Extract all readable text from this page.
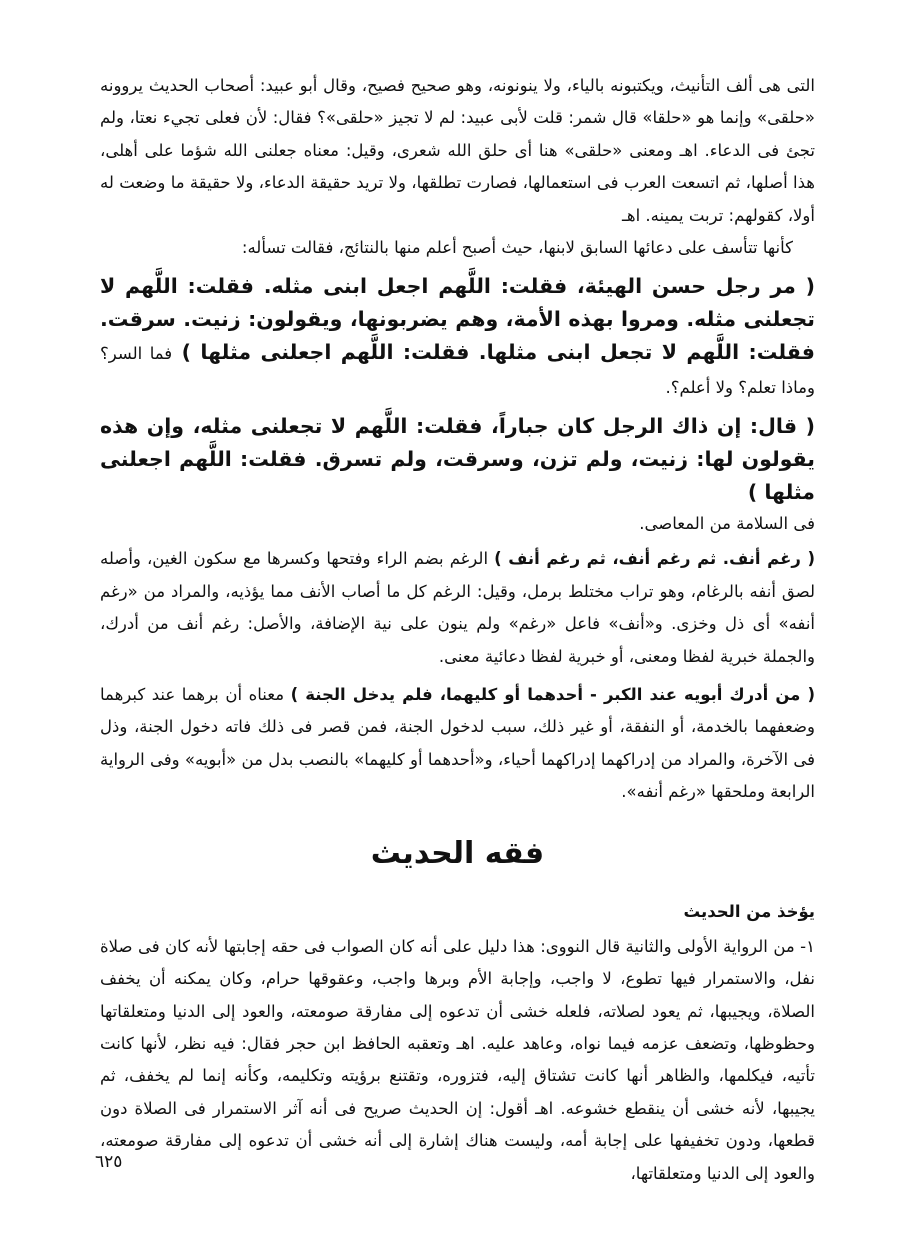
التى هى ألف التأنيث، ويكتبونه بالياء، ولا ينونونه، وهو صحيح فصيح، وقال أبو عبيد: أصحاب الحديث يروونه «حلقى» وإنما هو «حلقا» قال شمر: قلت لأبى عبيد: لم لا تجيز «حلقى»؟ فقال: لأن فعلى تجيء نعتا، ولم تجئ فى الدعاء. اهـ ومعنى «حلقى» هنا أى حلق الله شعرى، وقيل: معناه جعلنى الله شؤما على أهلى، هذا أصلها، ثم اتسعت العرب فى استعمالها، فصارت تطلقها، ولا تريد حقيقة الدعاء، ولا حقيقة ما وضعت له أولا، كقولهم: تربت يمينه. اهـ

كأنها تتأسف على دعائها السابق لابنها، حيث أصبح أعلم منها بالنتائج، فقالت تسأله:

( مر رجل حسن الهيئة، فقلت: اللَّهم اجعل ابنى مثله. فقلت: اللَّهم لا تجعلنى مثله. ومروا بهذه الأمة، وهم يضربونها، ويقولون: زنيت. سرقت. فقلت: اللَّهم لا تجعل ابنى مثلها. فقلت: اللَّهم اجعلنى مثلها ) فما السر؟ وماذا تعلم؟ ولا أعلم؟.

( قال: إن ذاك الرجل كان جباراً، فقلت: اللَّهم لا تجعلنى مثله، وإن هذه يقولون لها: زنيت، ولم تزن، وسرقت، ولم تسرق. فقلت: اللَّهم اجعلنى مثلها )

فى السلامة من المعاصى.

( رغم أنف. ثم رغم أنف، ثم رغم أنف ) الرغم بضم الراء وفتحها وكسرها مع سكون الغين، وأصله لصق أنفه بالرغام، وهو تراب مختلط برمل، وقيل: الرغم كل ما أصاب الأنف مما يؤذيه، والمراد من «رغم أنفه» أى ذل وخزى. و«أنف» فاعل «رغم» ولم ينون على نية الإضافة، والأصل: رغم أنف من أدرك، والجملة خبرية لفظا ومعنى، أو خبرية لفظا دعائية معنى.

( من أدرك أبويه عند الكبر - أحدهما أو كليهما، فلم يدخل الجنة ) معناه أن برهما عند كبرهما وضعفهما بالخدمة، أو النفقة، أو غير ذلك، سبب لدخول الجنة، فمن قصر فى ذلك فاته دخول الجنة، وذل فى الآخرة، والمراد من إدراكهما إدراكهما أحياء، و«أحدهما أو كليهما» بالنصب بدل من «أبويه» وفى الرواية الرابعة وملحقها «رغم أنفه».

فقه الحديث

يؤخذ من الحديث

١- من الرواية الأولى والثانية قال النووى: هذا دليل على أنه كان الصواب فى حقه إجابتها لأنه كان فى صلاة نفل، والاستمرار فيها تطوع، لا واجب، وإجابة الأم وبرها واجب، وعقوقها حرام، وكان يمكنه أن يخفف الصلاة، ويجيبها، ثم يعود لصلاته، فلعله خشى أن تدعوه إلى مفارقة صومعته، والعود إلى الدنيا ومتعلقاتها وحظوظها، وتضعف عزمه فيما نواه، وعاهد عليه. اهـ وتعقبه الحافظ ابن حجر فقال: فيه نظر، لأنها كانت تأتيه، فيكلمها، والظاهر أنها كانت تشتاق إليه، فتزوره، وتقتنع برؤيته وتكليمه، وكأنه إنما لم يخفف، ثم يجيبها، لأنه خشى أن ينقطع خشوعه. اهـ أقول: إن الحديث صريح فى أنه آثر الاستمرار فى الصلاة دون قطعها، ودون تخفيفها على إجابة أمه، وليست هناك إشارة إلى أنه خشى أن تدعوه إلى مفارقة صومعته، والعود إلى الدنيا ومتعلقاتها،

٦٢٥
